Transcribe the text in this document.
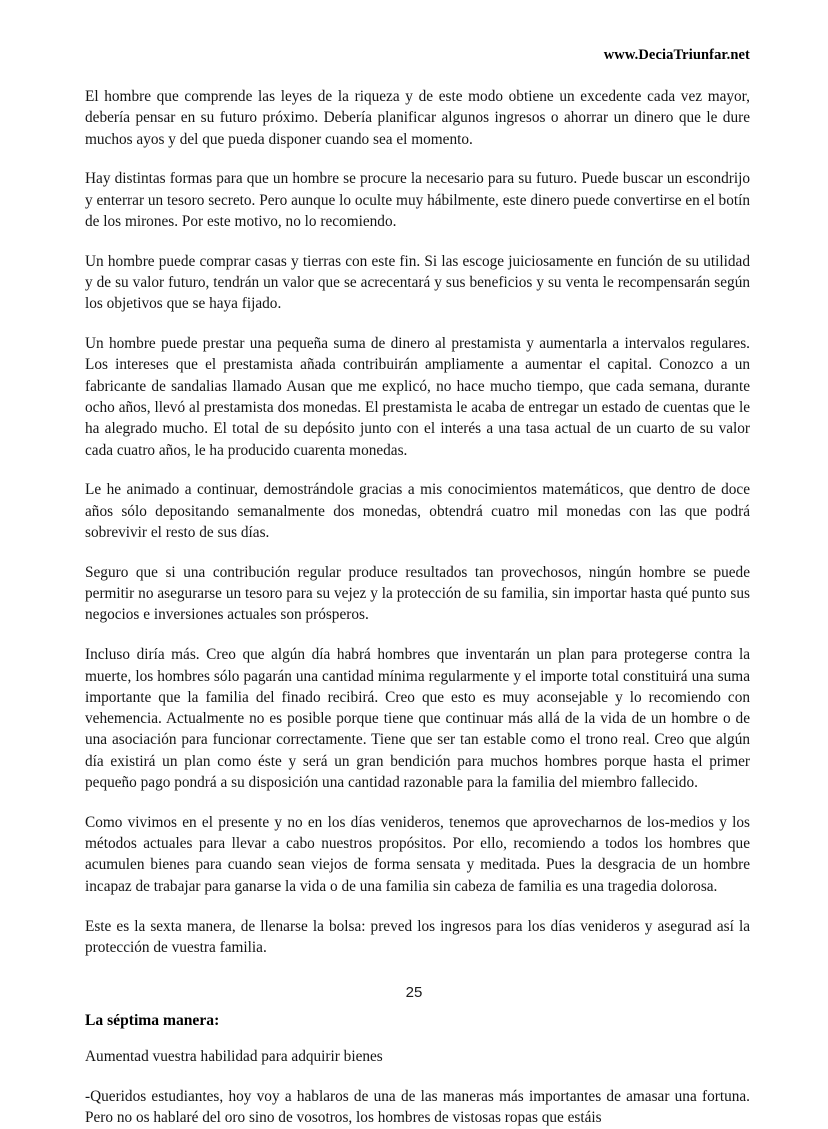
www.DeciaTriunfar.net

El hombre que comprende las leyes de la riqueza y de este modo obtiene un excedente cada vez mayor, debería pensar en su futuro próximo. Debería planificar algunos ingresos o ahorrar un dinero que le dure muchos ayos y del que pueda disponer cuando sea el momento.

Hay distintas formas para que un hombre se procure la necesario para su futuro. Puede buscar un escondrijo y enterrar un tesoro secreto. Pero aunque lo oculte muy hábilmente, este dinero puede convertirse en el botín de los mirones. Por este motivo, no lo recomiendo.

Un hombre puede comprar casas y tierras con este fin. Si las escoge juiciosamente en función de su utilidad y de su valor futuro, tendrán un valor que se acrecentará y sus beneficios y su venta le recompensarán según los objetivos que se haya fijado.

Un hombre puede prestar una pequeña suma de dinero al prestamista y aumentarla a intervalos regulares. Los intereses que el prestamista añada contribuirán ampliamente a aumentar el capital. Conozco a un fabricante de sandalias llamado Ausan que me explicó, no hace mucho tiempo, que cada semana, durante ocho años, llevó al prestamista dos monedas. El prestamista le acaba de entregar un estado de cuentas que le ha alegrado mucho. El total de su depósito junto con el interés a una tasa actual de un cuarto de su valor cada cuatro años, le ha producido cuarenta monedas.

Le he animado a continuar, demostrándole gracias a mis conocimientos matemáticos, que dentro de doce años sólo depositando semanalmente dos monedas, obtendrá cuatro mil monedas con las que podrá sobrevivir el resto de sus días.

Seguro que si una contribución regular produce resultados tan provechosos, ningún hombre se puede permitir no asegurarse un tesoro para su vejez y la protección de su familia, sin importar hasta qué punto sus negocios e inversiones actuales son prósperos.

Incluso diría más. Creo que algún día habrá hombres que inventarán un plan para protegerse contra la muerte, los hombres sólo pagarán una cantidad mínima regularmente y el importe total constituirá una suma importante que la familia del finado recibirá. Creo que esto es muy aconsejable y lo recomiendo con vehemencia. Actualmente no es posible porque tiene que continuar más allá de la vida de un hombre o de una asociación para funcionar correctamente. Tiene que ser tan estable como el trono real. Creo que algún día existirá un plan como éste y será un gran bendición para muchos hombres porque hasta el primer pequeño pago pondrá a su disposición una cantidad razonable para la familia del miembro fallecido.

Como vivimos en el presente y no en los días venideros, tenemos que aprovecharnos de los-medios y los métodos actuales para llevar a cabo nuestros propósitos. Por ello, recomiendo a todos los hombres que acumulen bienes para cuando sean viejos de forma sensata y meditada. Pues la desgracia de un hombre incapaz de trabajar para ganarse la vida o de una familia sin cabeza de familia es una tragedia dolorosa.

Este es la sexta manera, de llenarse la bolsa: preved los ingresos para los días venideros y asegurad así la protección de vuestra familia.

La séptima manera:

Aumentad vuestra habilidad para adquirir bienes

-Queridos estudiantes, hoy voy a hablaros de una de las maneras más importantes de amasar una fortuna. Pero no os hablaré del oro sino de vosotros, los hombres de vistosas ropas que estáis

25
